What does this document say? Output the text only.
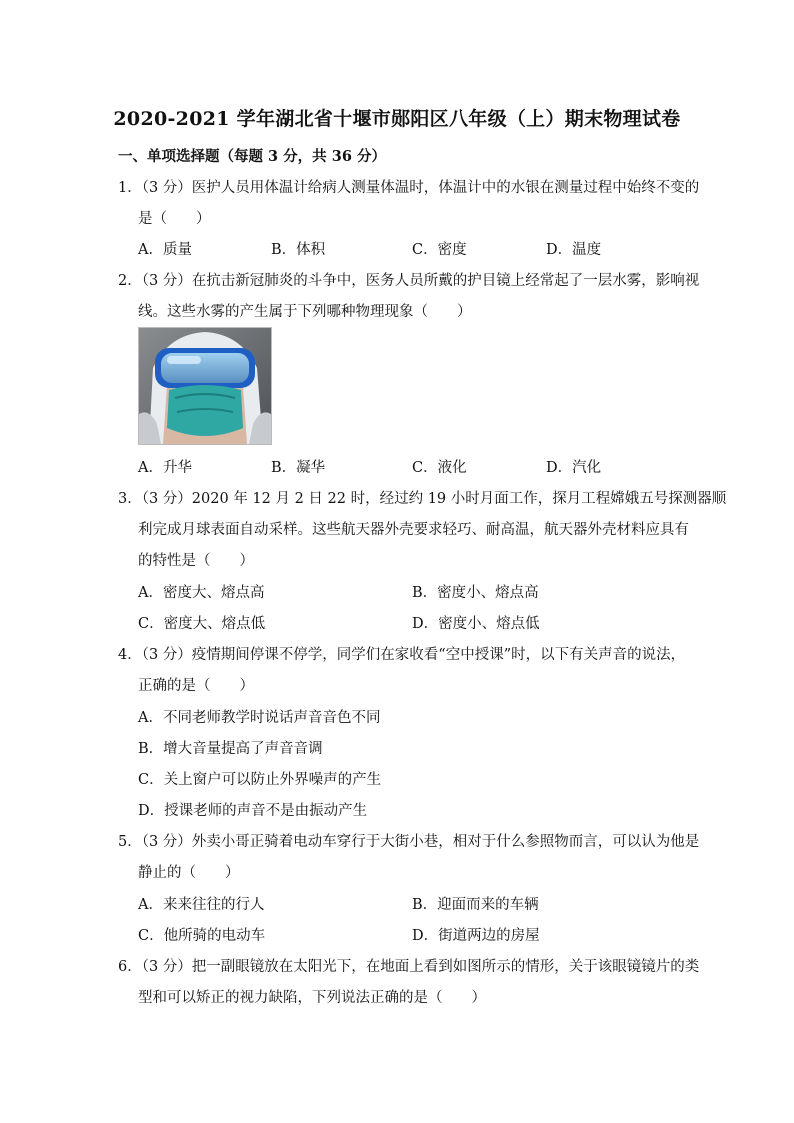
2020-2021 学年湖北省十堰市郧阳区八年级（上）期末物理试卷
一、单项选择题（每题 3 分，共 36 分）
1．（3 分）医护人员用体温计给病人测量体温时，体温计中的水银在测量过程中始终不变的
是（　　）
A．质量	B．体积	C．密度	D．温度
2．（3 分）在抗击新冠肺炎的斗争中，医务人员所戴的护目镜上经常起了一层水雾，影响视
线。这些水雾的产生属于下列哪种物理现象（　　）
A．升华	B．凝华	C．液化	D．汽化
3．（3 分）2020 年 12 月 2 日 22 时，经过约 19 小时月面工作，探月工程嫦娥五号探测器顺
利完成月球表面自动采样。这些航天器外壳要求轻巧、耐高温，航天器外壳材料应具有
的特性是（　　）
A．密度大、熔点高	B．密度小、熔点高
C．密度大、熔点低	D．密度小、熔点低
4．（3 分）疫情期间停课不停学，同学们在家收看“空中授课”时，以下有关声音的说法，
正确的是（　　）
A．不同老师教学时说话声音音色不同
B．增大音量提高了声音音调
C．关上窗户可以防止外界噪声的产生
D．授课老师的声音不是由振动产生
5．（3 分）外卖小哥正骑着电动车穿行于大街小巷，相对于什么参照物而言，可以认为他是
静止的（　　）
A．来来往往的行人	B．迎面而来的车辆
C．他所骑的电动车	D．街道两边的房屋
6．（3 分）把一副眼镜放在太阳光下，在地面上看到如图所示的情形，关于该眼镜镜片的类
型和可以矫正的视力缺陷，下列说法正确的是（　　）
